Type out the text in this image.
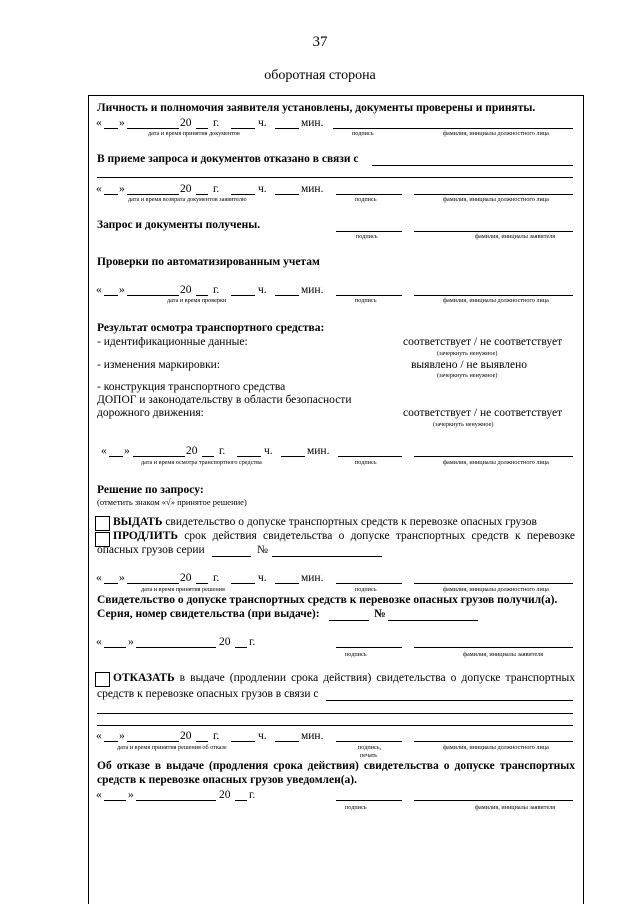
37
оборотная сторона
Личность и полномочия заявителя установлены, документы проверены и приняты.
« »	20 г.	ч.	мин.
дата и время принятия документов	подпись	фамилия, инициалы должностного лица
В приеме запроса и документов отказано в связи с
« »	20 г.	ч.	мин.
дата и время возврата документов заявителю	подпись	фамилия, инициалы должностного лица
Запрос и документы получены.
подпись	фамилия, инициалы заявителя
Проверки по автоматизированным учетам
« »	20 г.	ч.	мин.
дата и время проверки	подпись	фамилия, инициалы должностного лица
Результат осмотра транспортного средства:
- идентификационные данные:	соответствует / не соответствует
(зачеркнуть ненужное)
- изменения маркировки:	выявлено / не выявлено
(зачеркнуть ненужное)
- конструкция транспортного средства
ДОПОГ и законодательству в области безопасности
дорожного движения:	соответствует / не соответствует
(зачеркнуть ненужное)
« »	20 г.	ч.	мин.
дата и время осмотра транспортного средства	подпись	фамилия, инициалы должностного лица
Решение по запросу:
(отметить знаком «√» принятое решение)
ВЫДАТЬ свидетельство о допуске транспортных средств к перевозке опасных грузов
ПРОДЛИТЬ срок действия свидетельства о допуске транспортных средств к перевозке
опасных грузов серии	№
« »	20 г.	ч.	мин.
дата и время принятия решения	подпись	фамилия, инициалы должностного лица
Свидетельство о допуске транспортных средств к перевозке опасных грузов получил(а).
Серия, номер свидетельства (при выдаче):	№
« »	20 г.
подпись	фамилия, инициалы заявителя
ОТКАЗАТЬ в выдаче (продлении срока действия) свидетельства о допуске транспортных
средств к перевозке опасных грузов в связи с
« »	20 г.	ч.	мин.
дата и время принятия решения об отказе	подпись,
печать
фамилия, инициалы должностного лица
Об отказе в выдаче (продления срока действия) свидетельства о допуске транспортных
средств к перевозке опасных грузов уведомлен(а).
« »	20 г.
подпись	фамилия, инициалы заявителя
